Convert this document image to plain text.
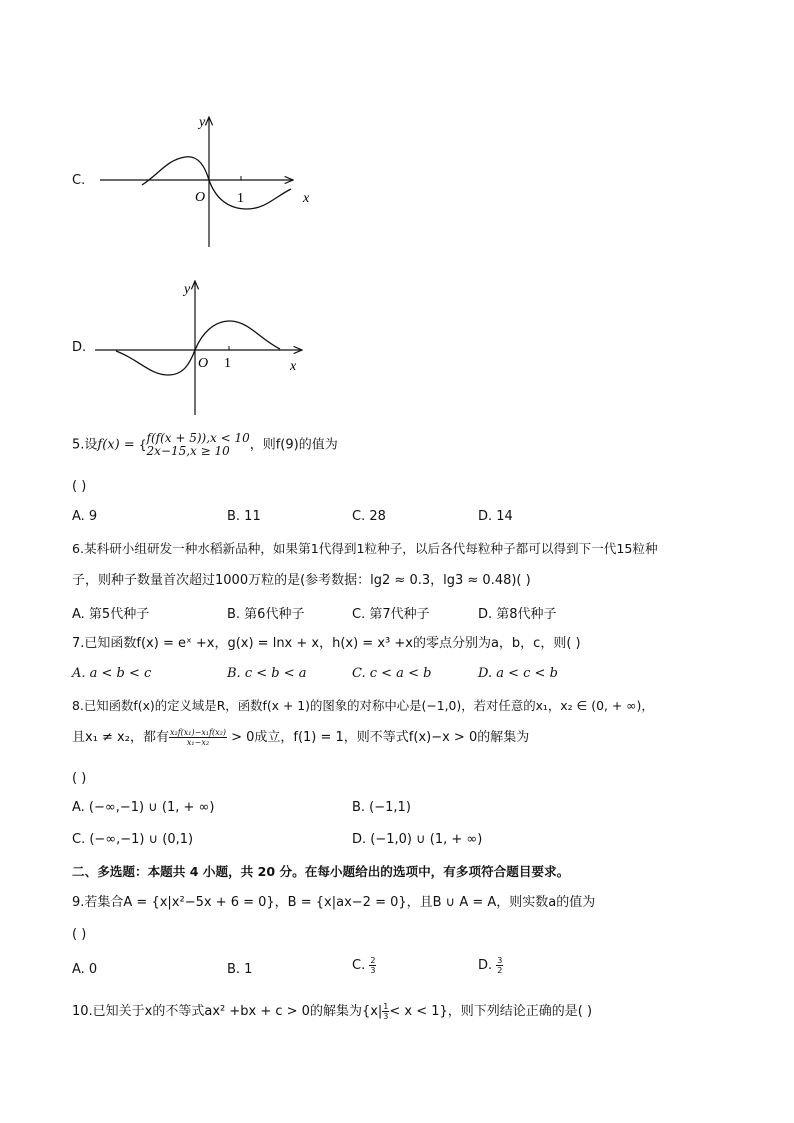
C.
y
O 1	x
D.
y
O 1	x
5.设f(x) = { f(f(x + 5)),x < 10
2x−15,x ≥ 10	，则f(9)的值为
( )
A. 9	B. 11	C. 28	D. 14
6.某科研小组研发一种水稻新品种，如果第1代得到1粒种子，以后各代每粒种子都可以得到下一代15粒种
子，则种子数量首次超过1000万粒的是(参考数据：lg2 ≈ 0.3，lg3 ≈ 0.48)( )
A. 第5代种子	B. 第6代种子	C. 第7代种子	D. 第8代种子
7.已知函数f(x) = eˣ +x，g(x) = lnx + x，h(x) = x³ +x的零点分别为a，b，c，则( )
A. a < b < c	B. c < b < a	C. c < a < b	D. a < c < b
8.已知函数f(x)的定义域是R，函数f(x + 1)的图象的对称中心是(−1,0)，若对任意的x₁，x₂ ∈ (0, + ∞)，
且x₁ ≠ x₂，都有 $\frac{\text{x₂f(x₁)−x₁f(x₂)}}{\text{x₁−x₂}} > 0$成立，f(1) = 1，则不等式f(x)−x > 0的解集为
( )
A. (−∞,−1) ∪ (1, + ∞)	B. (−1,1)
C. (−∞,−1) ∪ (0,1)	D. (−1,0) ∪ (1, + ∞)
二、多选题：本题共 4 小题，共 20 分。在每小题给出的选项中，有多项符合题目要求。
9.若集合A = {x|x²−5x + 6 = 0}，B = {x|ax−2 = 0}，且B ∪ A = A，则实数a的值为
( )
A. 0	B. 1	C. $\frac{2}{3}$	D. $\frac{3}{2}$
10.已知关于x的不等式ax² +bx + c > 0的解集为$\{x| \frac{1}{3} < x < 1\}$，则下列结论正确的是( )
